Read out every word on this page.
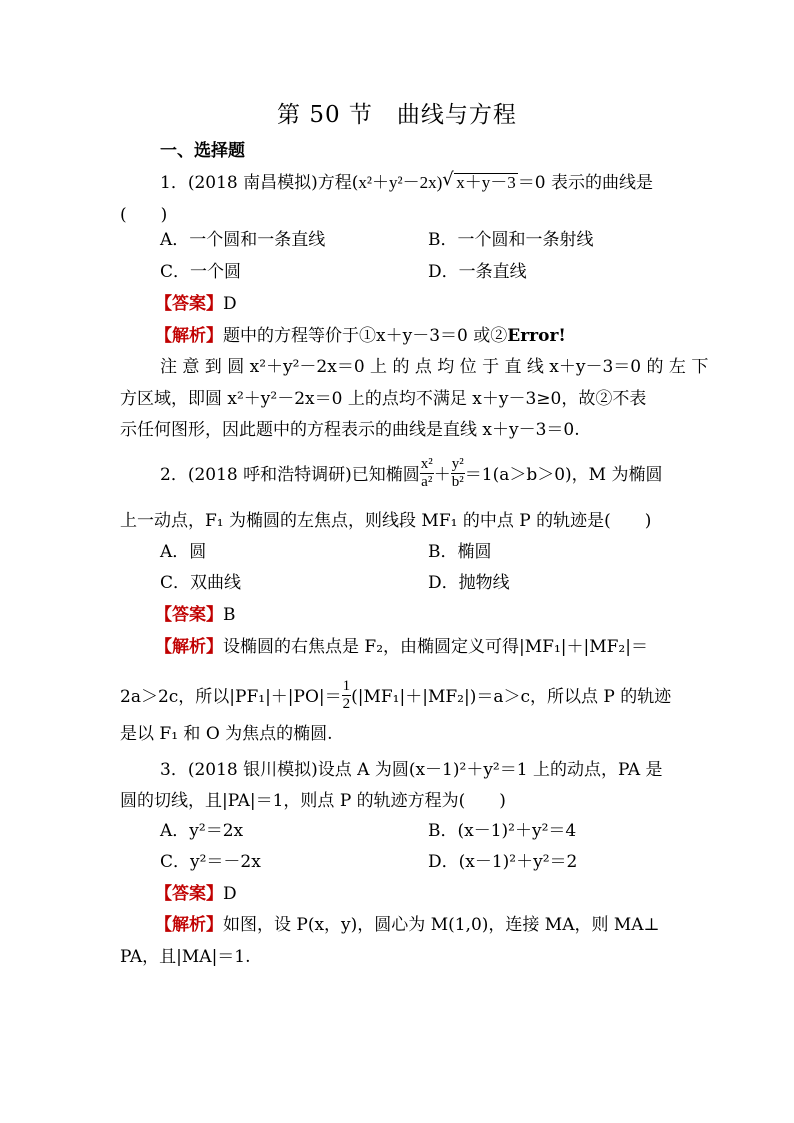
第 50 节　曲线与方程
一、选择题
1．(2018 南昌模拟)方程(x²＋y²－2x) √ x＋y－3 ＝0 表示的曲线是
(　　)
A．一个圆和一条直线	B．一个圆和一条射线
C．一个圆	D．一条直线
【答案】D
【解析】题中的方程等价于①x＋y－3＝0 或②Error!
注 意 到 圆 x²＋y²－2x＝0 上 的 点 均 位 于 直 线 x＋y－3＝0 的 左 下
方区域，即圆 x²＋y²－2x＝0 上的点均不满足 x＋y－3≥0，故②不表
示任何图形，因此题中的方程表示的曲线是直线 x＋y－3＝0.
2．(2018 呼和浩特调研)已知椭圆 $\frac{\text{x²}}{\text{a²}} + \frac{\text{y²}}{\text{b²}} =1(a>b>0)$，M 为椭圆
上一动点，F₁ 为椭圆的左焦点，则线段 MF₁ 的中点 P 的轨迹是(　　)
A．圆	B．椭圆
C．双曲线	D．抛物线
【答案】B
【解析】设椭圆的右焦点是 F₂，由椭圆定义可得|MF₁|＋|MF₂|＝
2a＞2c，所以$|PF_1|+|PO|= \frac{1}{2} (|MF_1|+|MF_2|)=a>c$，所以点 P 的轨迹
是以 F₁ 和 O 为焦点的椭圆.
3．(2018 银川模拟)设点 A 为圆(x－1)²＋y²＝1 上的动点，PA 是
圆的切线，且|PA|＝1，则点 P 的轨迹方程为(　　)
A．y²＝2x	B．(x－1)²＋y²＝4
C．y²＝－2x	D．(x－1)²＋y²＝2
【答案】D
【解析】如图，设 P(x，y)，圆心为 M(1,0)，连接 MA，则 MA⊥
PA，且|MA|＝1.
